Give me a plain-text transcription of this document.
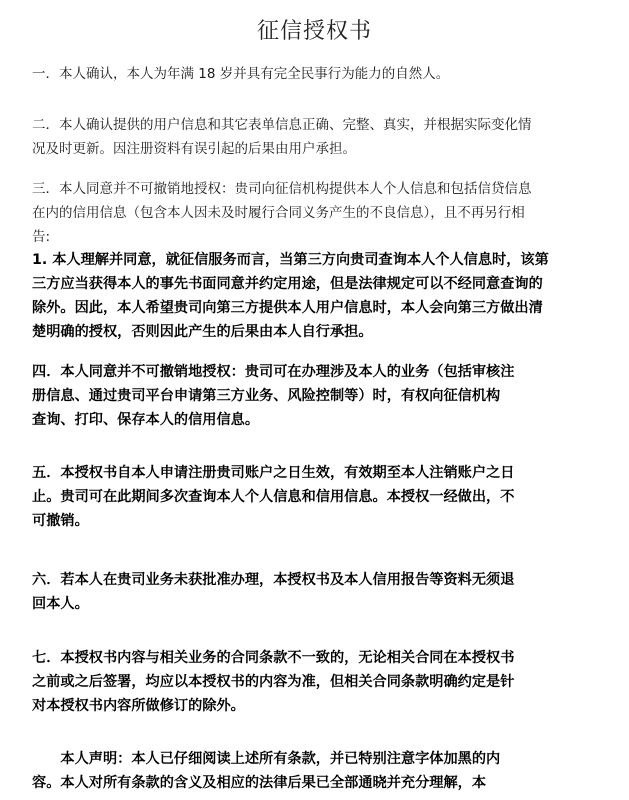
征信授权书
一．本人确认，本人为年满 18 岁并具有完全民事行为能力的自然人。
二．本人确认提供的用户信息和其它表单信息正确、完整、真实，并根据实际变化情
况及时更新。因注册资料有误引起的后果由用户承担。
三．本人同意并不可撤销地授权：贵司向征信机构提供本人个人信息和包括信贷信息
在内的信用信息（包含本人因未及时履行合同义务产生的不良信息），且不再另行相
告:
1. 本人理解并同意，就征信服务而言，当第三方向贵司查询本人个人信息时，该第
三方应当获得本人的事先书面同意并约定用途，但是法律规定可以不经同意查询的
除外。因此，本人希望贵司向第三方提供本人用户信息时，本人会向第三方做出清
楚明确的授权，否则因此产生的后果由本人自行承担。
四．本人同意并不可撤销地授权：贵司可在办理涉及本人的业务（包括审核注
册信息、通过贵司平台申请第三方业务、风险控制等）时，有权向征信机构
查询、打印、保存本人的信用信息。
五．本授权书自本人申请注册贵司账户之日生效，有效期至本人注销账户之日
止。贵司可在此期间多次查询本人个人信息和信用信息。本授权一经做出，不
可撤销。
六．若本人在贵司业务未获批准办理，本授权书及本人信用报告等资料无须退
回本人。
七．本授权书内容与相关业务的合同条款不一致的，无论相关合同在本授权书
之前或之后签署，均应以本授权书的内容为准，但相关合同条款明确约定是针
对本授权书内容所做修订的除外。
　　本人声明：本人已仔细阅读上述所有条款，并已特别注意字体加黑的内
容。本人对所有条款的含义及相应的法律后果已全部通晓并充分理解，本
